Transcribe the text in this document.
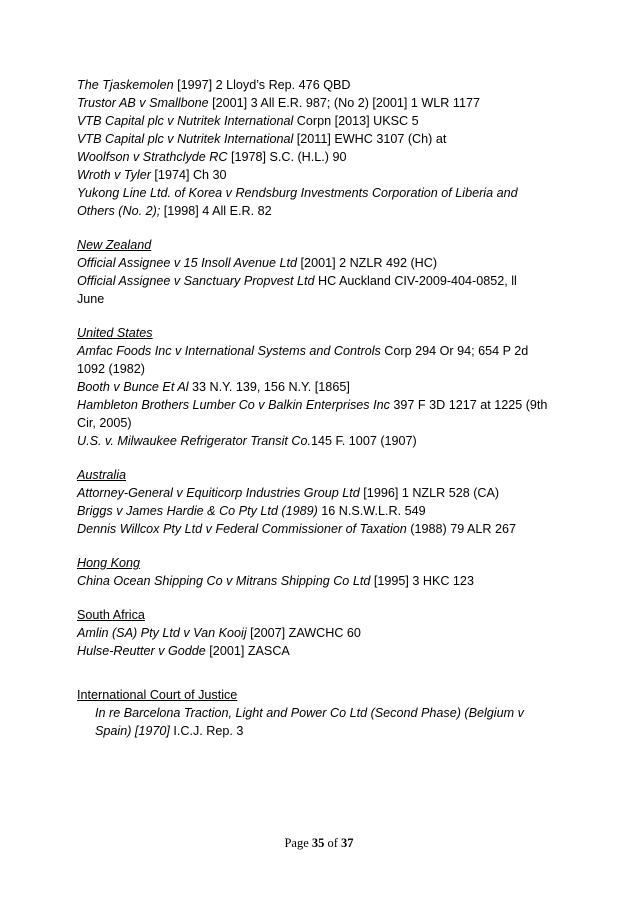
The Tjaskemolen [1997] 2 Lloyd’s Rep. 476 QBD
Trustor AB v Smallbone [2001] 3 All E.R. 987; (No 2) [2001] 1 WLR 1177
VTB Capital plc v Nutritek International Corpn [2013] UKSC 5
VTB Capital plc v Nutritek International [2011] EWHC 3107 (Ch) at
Woolfson v Strathclyde RC [1978] S.C. (H.L.) 90
Wroth v Tyler [1974] Ch 30
Yukong Line Ltd. of Korea v Rendsburg Investments Corporation of Liberia and
Others (No. 2); [1998] 4 All E.R. 82
New Zealand
Official Assignee v 15 Insoll Avenue Ltd [2001] 2 NZLR 492 (HC)
Official Assignee v Sanctuary Propvest Ltd HC Auckland CIV-2009-404-0852, ll
June
United States
Amfac Foods Inc v International Systems and Controls Corp 294 Or 94; 654 P 2d
1092 (1982)
Booth v Bunce Et Al 33 N.Y. 139, 156 N.Y. [1865]
Hambleton Brothers Lumber Co v Balkin Enterprises Inc 397 F 3D 1217 at 1225 (9th
Cir, 2005)
U.S. v. Milwaukee Refrigerator Transit Co.145 F. 1007 (1907)
Australia
Attorney-General v Equiticorp Industries Group Ltd [1996] 1 NZLR 528 (CA)
Briggs v James Hardie & Co Pty Ltd (1989) 16 N.S.W.L.R. 549
Dennis Willcox Pty Ltd v Federal Commissioner of Taxation (1988) 79 ALR 267
Hong Kong
China Ocean Shipping Co v Mitrans Shipping Co Ltd [1995] 3 HKC 123
South Africa
Amlin (SA) Pty Ltd v Van Kooij [2007] ZAWCHC 60
Hulse-Reutter v Godde [2001] ZASCA
International Court of Justice
In re Barcelona Traction, Light and Power Co Ltd (Second Phase) (Belgium v
Spain) [1970] I.C.J. Rep. 3
Page 35 of 37
